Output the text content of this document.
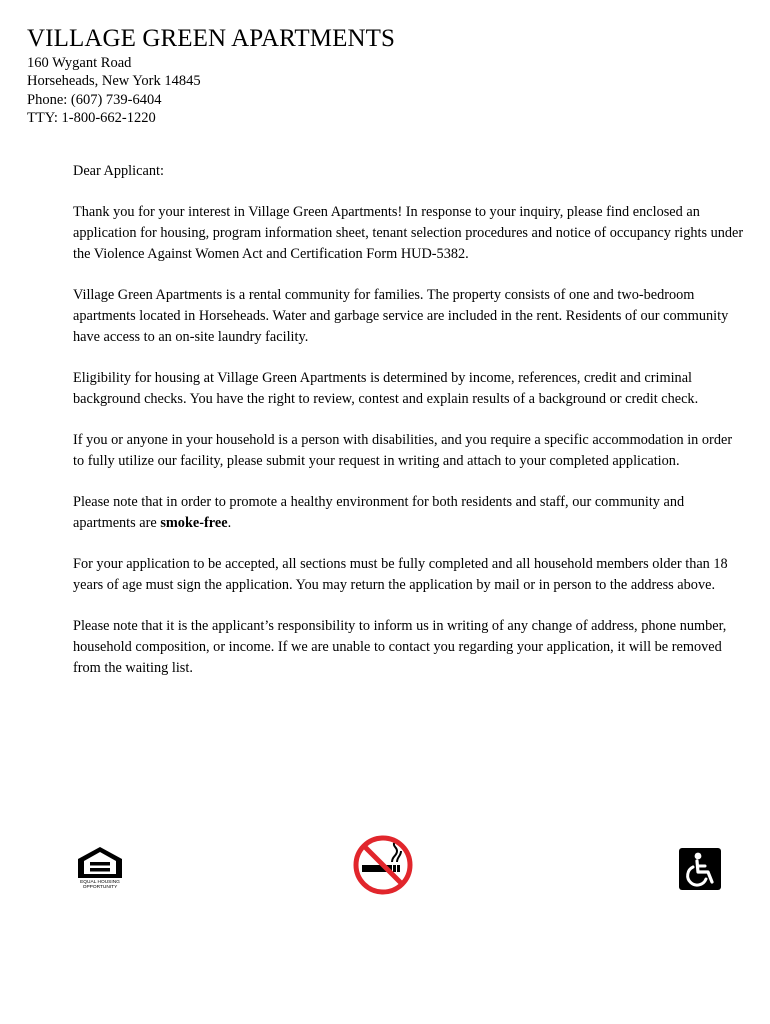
VILLAGE GREEN APARTMENTS
160 Wygant Road
Horseheads, New York 14845
Phone: (607) 739-6404
TTY: 1-800-662-1220

Dear Applicant:

Thank you for your interest in Village Green Apartments! In response to your inquiry, please find enclosed an application for housing, program information sheet, tenant selection procedures and notice of occupancy rights under the Violence Against Women Act and Certification Form HUD-5382.

Village Green Apartments is a rental community for families. The property consists of one and two-bedroom apartments located in Horseheads. Water and garbage service are included in the rent. Residents of our community have access to an on-site laundry facility.

Eligibility for housing at Village Green Apartments is determined by income, references, credit and criminal background checks. You have the right to review, contest and explain results of a background or credit check.

If you or anyone in your household is a person with disabilities, and you require a specific accommodation in order to fully utilize our facility, please submit your request in writing and attach to your completed application.

Please note that in order to promote a healthy environment for both residents and staff, our community and apartments are smoke-free.

For your application to be accepted, all sections must be fully completed and all household members older than 18 years of age must sign the application. You may return the application by mail or in person to the address above.

Please note that it is the applicant’s responsibility to inform us in writing of any change of address, phone number, household composition, or income. If we are unable to contact you regarding your application, it will be removed from the waiting list.

EQUAL HOUSING
OPPORTUNITY
